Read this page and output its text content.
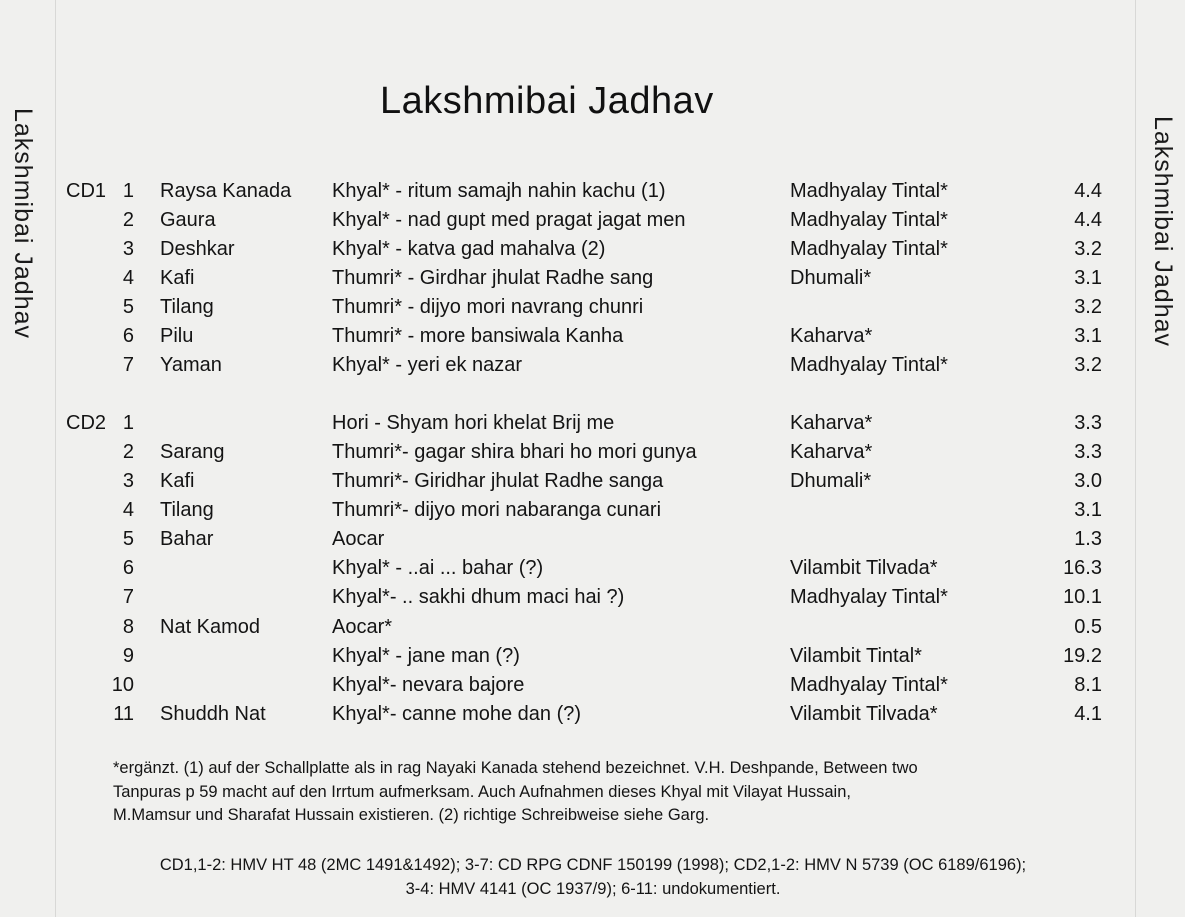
Lakshmibai Jadhav	Lakshmibai Jadhav
Lakshmibai Jadhav
CD1 1 Raysa Kanada Khyal* - ritum samajh nahin kachu (1)	Madhyalay Tintal*	4.4
2 Gaura	Khyal* - nad gupt med pragat jagat men	Madhyalay Tintal*	4.4
3 Deshkar	Khyal* - katva gad mahalva (2)	Madhyalay Tintal*	3.2
4 Kafi	Thumri* - Girdhar jhulat Radhe sang	Dhumali*	3.1
5 Tilang	Thumri* - dijyo mori navrang chunri	3.2
6 Pilu	Thumri* - more bansiwala Kanha	Kaharva*	3.1
7 Yaman	Khyal* - yeri ek nazar	Madhyalay Tintal*	3.2
CD2 1	Hori - Shyam hori khelat Brij me	Kaharva*	3.3
2 Sarang	Thumri*- gagar shira bhari ho mori gunya	Kaharva*	3.3
3 Kafi	Thumri*- Giridhar jhulat Radhe sanga	Dhumali*	3.0
4 Tilang	Thumri*- dijyo mori nabaranga cunari	3.1
5 Bahar	Aocar	1.3
6	Khyal* - ..ai ... bahar (?)	Vilambit Tilvada*	16.3
7	Khyal*- .. sakhi dhum maci hai ?)	Madhyalay Tintal*	10.1
8 Nat Kamod	Aocar*	0.5
9	Khyal* - jane man (?)	Vilambit Tintal*	19.2
10	Khyal*- nevara bajore	Madhyalay Tintal*	8.1
11 Shuddh Nat	Khyal*- canne mohe dan (?)	Vilambit Tilvada*	4.1
*ergänzt. (1) auf der Schallplatte als in rag Nayaki Kanada stehend bezeichnet. V.H. Deshpande, Between two
Tanpuras p 59 macht auf den Irrtum aufmerksam. Auch Aufnahmen dieses Khyal mit Vilayat Hussain,
M.Mamsur und Sharafat Hussain existieren. (2) richtige Schreibweise siehe Garg.
CD1,1-2: HMV HT 48 (2MC 1491&1492); 3-7: CD RPG CDNF 150199 (1998); CD2,1-2: HMV N 5739 (OC 6189/6196);
3-4: HMV 4141 (OC 1937/9); 6-11: undokumentiert.
